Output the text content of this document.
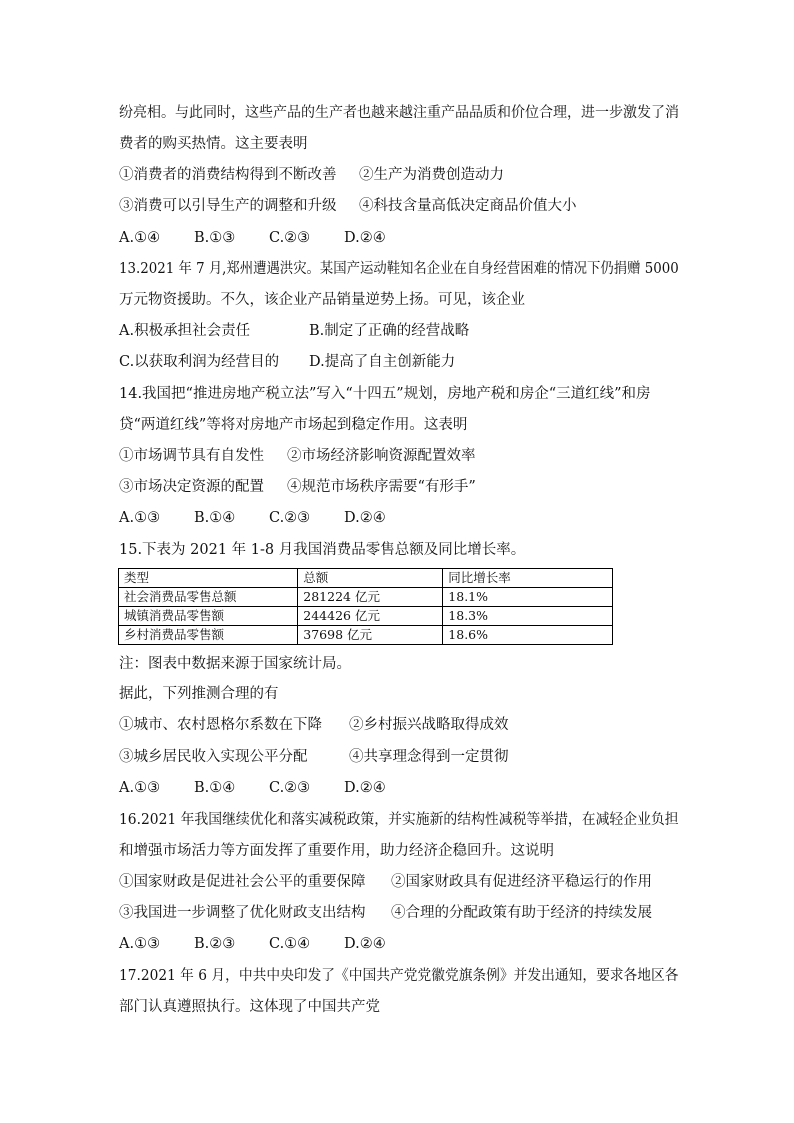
纷亮相。与此同时，这些产品的生产者也越来越注重产品品质和价位合理，进一步激发了消
费者的购买热情。这主要表明
①消费者的消费结构得到不断改善 ②生产为消费创造动力
③消费可以引导生产的调整和升级 ④科技含量高低决定商品价值大小
A.①④ B.①③ C.②③ D.②④
13.2021 年 7 月,郑州遭遇洪灾。某国产运动鞋知名企业在自身经营困难的情况下仍捐赠 5000
万元物资援助。不久，该企业产品销量逆势上扬。可见，该企业
A.积极承担社会责任	B.制定了正确的经营战略
C.以获取利润为经营目的 D.提高了自主创新能力
14.我国把“推进房地产税立法”写入“十四五”规划，房地产税和房企“三道红线”和房
贷“两道红线”等将对房地产市场起到稳定作用。这表明
①市场调节具有自发性 ②市场经济影响资源配置效率
③市场决定资源的配置 ④规范市场秩序需要“有形手”
A.①③ B.①④ C.②③ D.②④
15.下表为 2021 年 1-8 月我国消费品零售总额及同比增长率。
类型	总额	同比增长率
社会消费品零售总额	281224 亿元	18.1%
城镇消费品零售额	244426 亿元	18.3%
乡村消费品零售额	37698 亿元	18.6%
注：图表中数据来源于国家统计局。
据此，下列推测合理的有
①城市、农村恩格尔系数在下降 ②乡村振兴战略取得成效
③城乡居民收入实现公平分配	④共享理念得到一定贯彻
A.①③ B.①④ C.②③ D.②④
16.2021 年我国继续优化和落实减税政策，并实施新的结构性减税等举措，在减轻企业负担
和增强市场活力等方面发挥了重要作用，助力经济企稳回升。这说明
①国家财政是促进社会公平的重要保障 ②国家财政具有促进经济平稳运行的作用
③我国进一步调整了优化财政支出结构 ④合理的分配政策有助于经济的持续发展
A.①③ B.②③ C.①④ D.②④
17.2021 年 6 月，中共中央印发了《中国共产党党徽党旗条例》并发出通知，要求各地区各
部门认真遵照执行。这体现了中国共产党
